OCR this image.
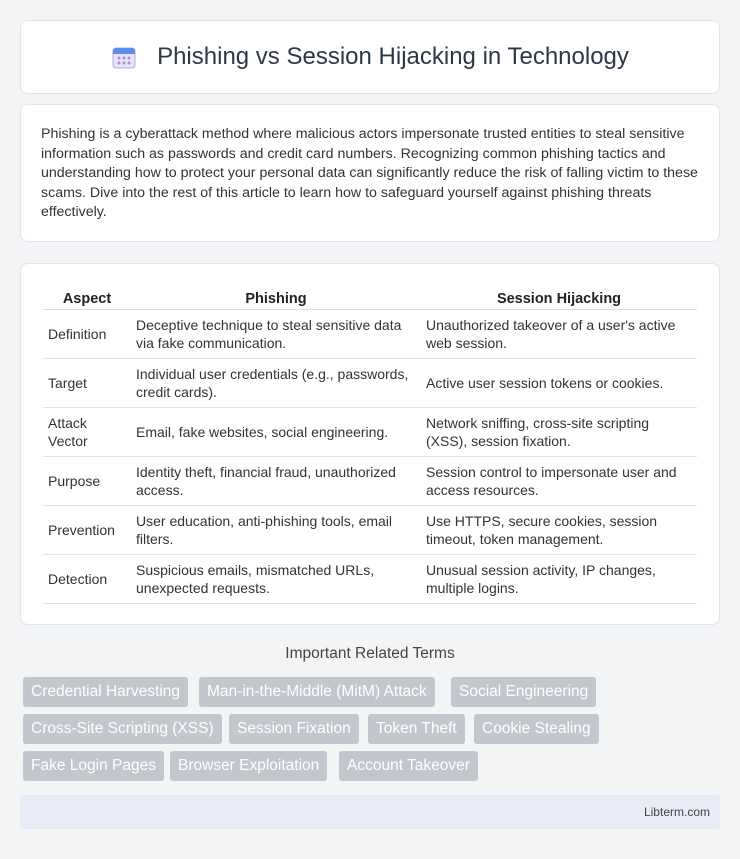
Phishing vs Session Hijacking in Technology

Phishing is a cyberattack method where malicious actors impersonate trusted entities to steal sensitive information such as passwords and credit card numbers. Recognizing common phishing tactics and understanding how to protect your personal data can significantly reduce the risk of falling victim to these scams. Dive into the rest of this article to learn how to safeguard yourself against phishing threats effectively.

Aspect	Phishing	Session Hijacking
Definition	Deceptive technique to steal sensitive data via fake communication.	Unauthorized takeover of a user's active web session.
Target	Individual user credentials (e.g., passwords, credit cards).	Active user session tokens or cookies.
Attack Vector	Email, fake websites, social engineering.	Network sniffing, cross-site scripting (XSS), session fixation.
Purpose	Identity theft, financial fraud, unauthorized access.	Session control to impersonate user and access resources.
Prevention	User education, anti-phishing tools, email filters.	Use HTTPS, secure cookies, session timeout, token management.
Detection	Suspicious emails, mismatched URLs, unexpected requests.	Unusual session activity, IP changes, multiple logins.
Important Related Terms
Credential Harvesting	Man-in-the-Middle (MitM) Attack	Social Engineering
Cross-Site Scripting (XSS)	Session Fixation	Token Theft	Cookie Stealing
Fake Login Pages	Browser Exploitation	Account Takeover
Libterm.com
